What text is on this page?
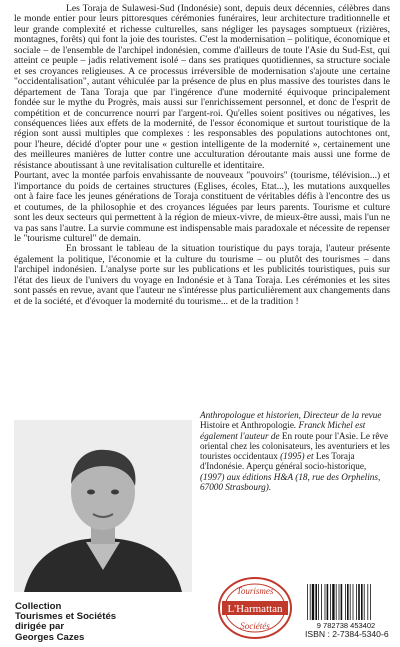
Les Toraja de Sulawesi-Sud (Indonésie) sont, depuis deux décennies, célèbres dans le monde entier pour leurs pittoresques cérémonies funéraires, leur architecture traditionnelle et leur grande complexité et richesse culturelles, sans négliger les paysages somptueux (rizières, montagnes, forêts) qui font la joie des touristes. C'est la modernisation – politique, économique et sociale – de l'ensemble de l'archipel indonésien, comme d'ailleurs de toute l'Asie du Sud-Est, qui atteint ce peuple – jadis relativement isolé – dans ses pratiques quotidiennes, sa structure sociale et ses croyances religieuses. A ce processus irréversible de modernisation s'ajoute une certaine "occidentalisation", autant véhiculée par la présence de plus en plus massive des touristes dans le département de Tana Toraja que par l'ingérence d'une modernité équivoque principalement fondée sur le mythe du Progrès, mais aussi sur l'enrichissement personnel, et donc de l'esprit de compétition et de concurrence nourri par l'argent-roi. Qu'elles soient positives ou négatives, les conséquences liées aux effets de la modernité, de l'essor économique et surtout touristique de la région sont aussi multiples que complexes : les responsables des populations autochtones ont, pour l'heure, décidé d'opter pour une « gestion intelligente de la modernité », certainement une des meilleures manières de lutter contre une acculturation déroutante mais aussi une forme de résistance aboutissant à une revitalisation culturelle et identitaire.

Pourtant, avec la montée parfois envahissante de nouveaux "pouvoirs" (tourisme, télévision...) et l'importance du poids de certaines structures (Eglises, écoles, Etat...), les mutations auxquelles ont à faire face les jeunes générations de Toraja constituent de véritables défis à l'encontre des us et coutumes, de la philosophie et des croyances léguées par leurs parents. Tourisme et culture sont les deux secteurs qui permettent à la région de mieux-vivre, de mieux-être aussi, mais l'un ne va pas sans l'autre. La survie commune est indispensable mais paradoxale et nécessite de repenser le "tourisme culturel" de demain.

En brossant le tableau de la situation touristique du pays toraja, l'auteur présente également la politique, l'économie et la culture du tourisme – ou plutôt des tourismes – dans l'archipel indonésien. L'analyse porte sur les publications et les publicités touristiques, puis sur l'état des lieux de l'univers du voyage en Indonésie et à Tana Toraja. Les cérémonies et les sites sont passés en revue, avant que l'auteur ne s'intéresse plus particulièrement aux changements dans et de la société, et d'évoquer la modernité du tourisme... et de la tradition !

Anthropologue et historien, Directeur de la revue Histoire et Anthropologie. Franck Michel est également l'auteur de En route pour l'Asie. Le rêve oriental chez les colonisateurs, les aventuriers et les touristes occidentaux (1995) et Les Toraja d'Indonésie. Aperçu général socio-historique, (1997) aux éditions H&A (18, rue des Orphelins, 67000 Strasbourg).

Collection
Tourismes et Sociétés
dirigée par
Georges Cazes
Tourismes
L'Harmattan
Sociétés	9 782738 453402
ISBN : 2-7384-5340-6
